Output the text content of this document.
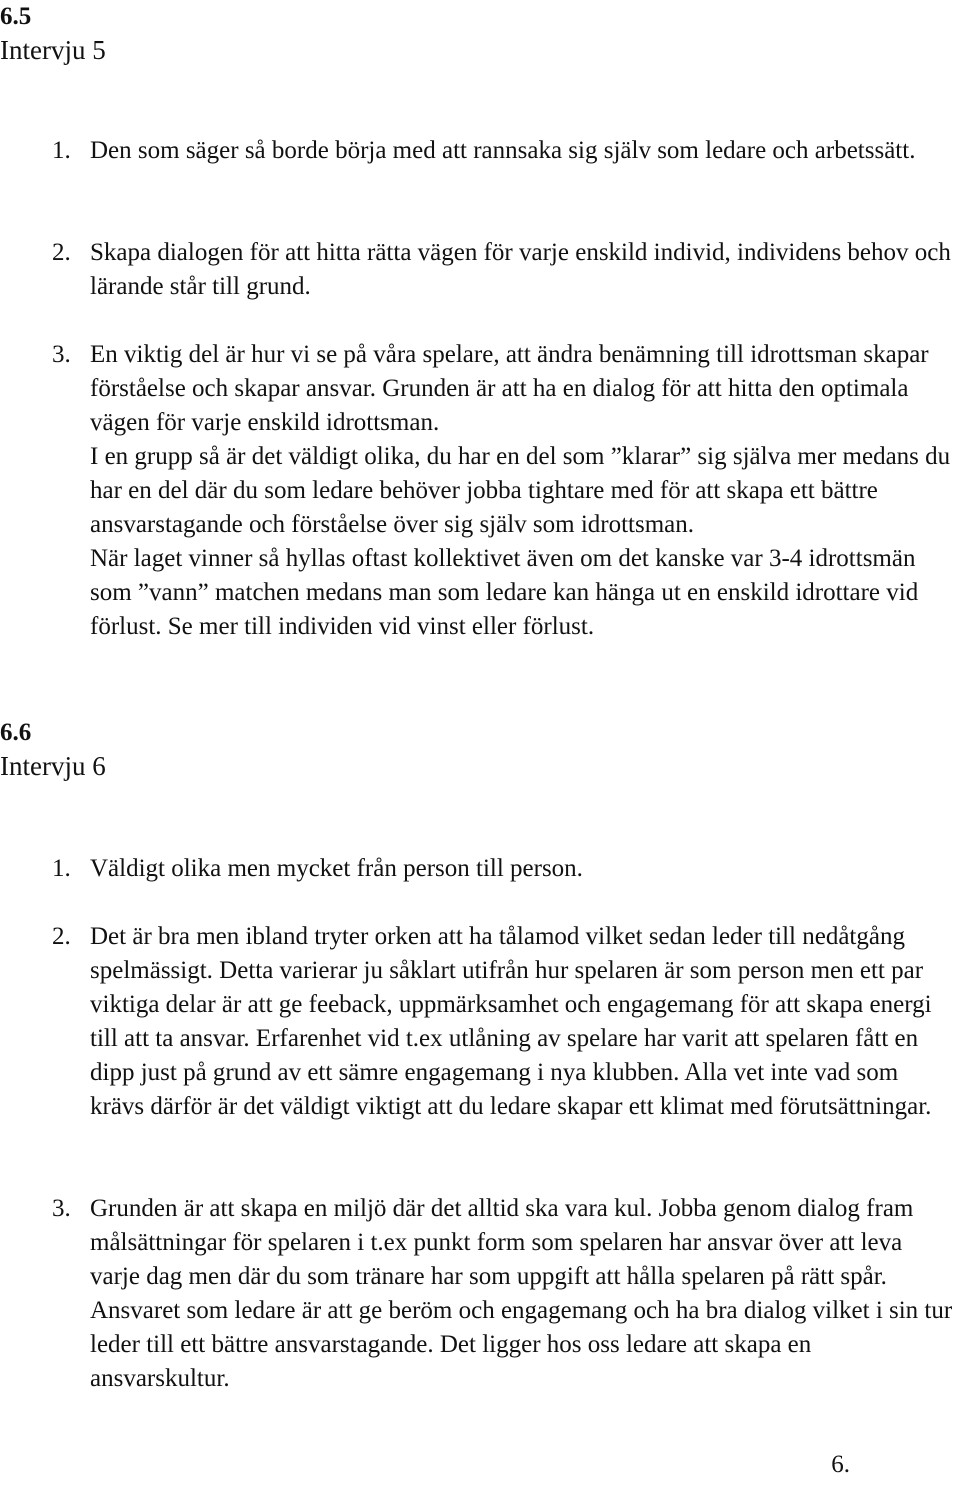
6.5
Intervju 5
1. Den som säger så borde börja med att rannsaka sig själv som ledare och arbetssätt.

2. Skapa dialogen för att hitta rätta vägen för varje enskild individ, individens behov och lärande står till grund.

3. En viktig del är hur vi se på våra spelare, att ändra benämning till idrottsman skapar förståelse och skapar ansvar. Grunden är att ha en dialog för att hitta den optimala vägen för varje enskild idrottsman.

I en grupp så är det väldigt olika, du har en del som ”klarar” sig själva mer medans du har en del där du som ledare behöver jobba tightare med för att skapa ett bättre ansvarstagande och förståelse över sig själv som idrottsman.

När laget vinner så hyllas oftast kollektivet även om det kanske var 3-4 idrottsmän som ”vann” matchen medans man som ledare kan hänga ut en enskild idrottare vid förlust. Se mer till individen vid vinst eller förlust.

6.6
Intervju 6
1. Väldigt olika men mycket från person till person.

2. Det är bra men ibland tryter orken att ha tålamod vilket sedan leder till nedåtgång spelmässigt. Detta varierar ju såklart utifrån hur spelaren är som person men ett par viktiga delar är att ge feeback, uppmärksamhet och engagemang för att skapa energi till att ta ansvar. Erfarenhet vid t.ex utlåning av spelare har varit att spelaren fått en dipp just på grund av ett sämre engagemang i nya klubben. Alla vet inte vad som krävs därför är det väldigt viktigt att du ledare skapar ett klimat med förutsättningar.

3. Grunden är att skapa en miljö där det alltid ska vara kul. Jobba genom dialog fram målsättningar för spelaren i t.ex punkt form som spelaren har ansvar över att leva varje dag men där du som tränare har som uppgift att hålla spelaren på rätt spår. Ansvaret som ledare är att ge beröm och engagemang och ha bra dialog vilket i sin tur leder till ett bättre ansvarstagande. Det ligger hos oss ledare att skapa en ansvarskultur.

6.
